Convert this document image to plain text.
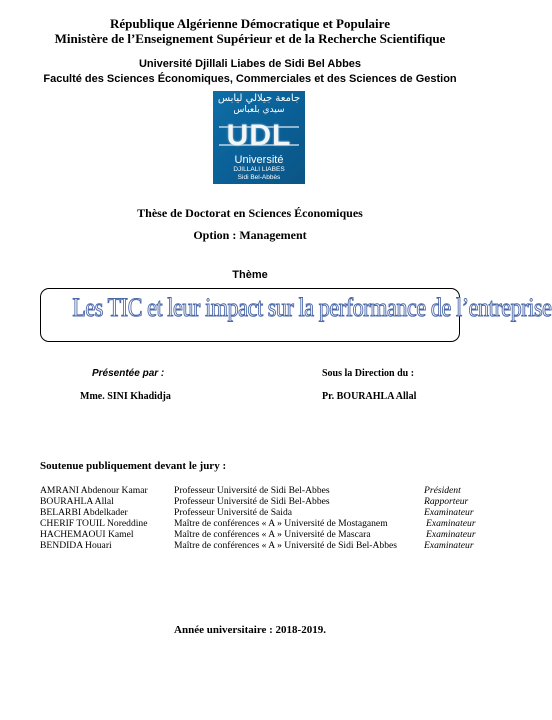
République Algérienne Démocratique et Populaire
Ministère de l’Enseignement Supérieur et de la Recherche Scientifique
Université Djillali Liabes de Sidi Bel Abbes
Faculté des Sciences Économiques, Commerciales et des Sciences de Gestion
جامعة جيلالي ليابس
سيدي بلعباس
UDL
Université
DJILLALI LIABES
Sidi Bel-Abbès
Thèse de Doctorat en Sciences Économiques
Option : Management
Thème
Les TIC et leur impact sur la performance de l’entreprise
Présentée par :
Mme. SINI Khadidja
Sous la Direction du :
Pr. BOURAHLA Allal
Soutenue publiquement devant le jury :
AMRANI Abdenour Kamar	Professeur Université de Sidi Bel-Abbes	Président
BOURAHLA Allal	Professeur Université de Sidi Bel-Abbes	Rapporteur
BELARBI Abdelkader	Professeur Université de Saida	Examinateur
CHERIF TOUIL Noreddine	Maître de conférences « A » Université de Mostaganem	Examinateur
HACHEMAOUI Kamel	Maître de conférences « A » Université de Mascara	Examinateur
BENDIDA Houari	Maître de conférences « A » Université de Sidi Bel-Abbes	Examinateur
Année universitaire : 2018-2019.
